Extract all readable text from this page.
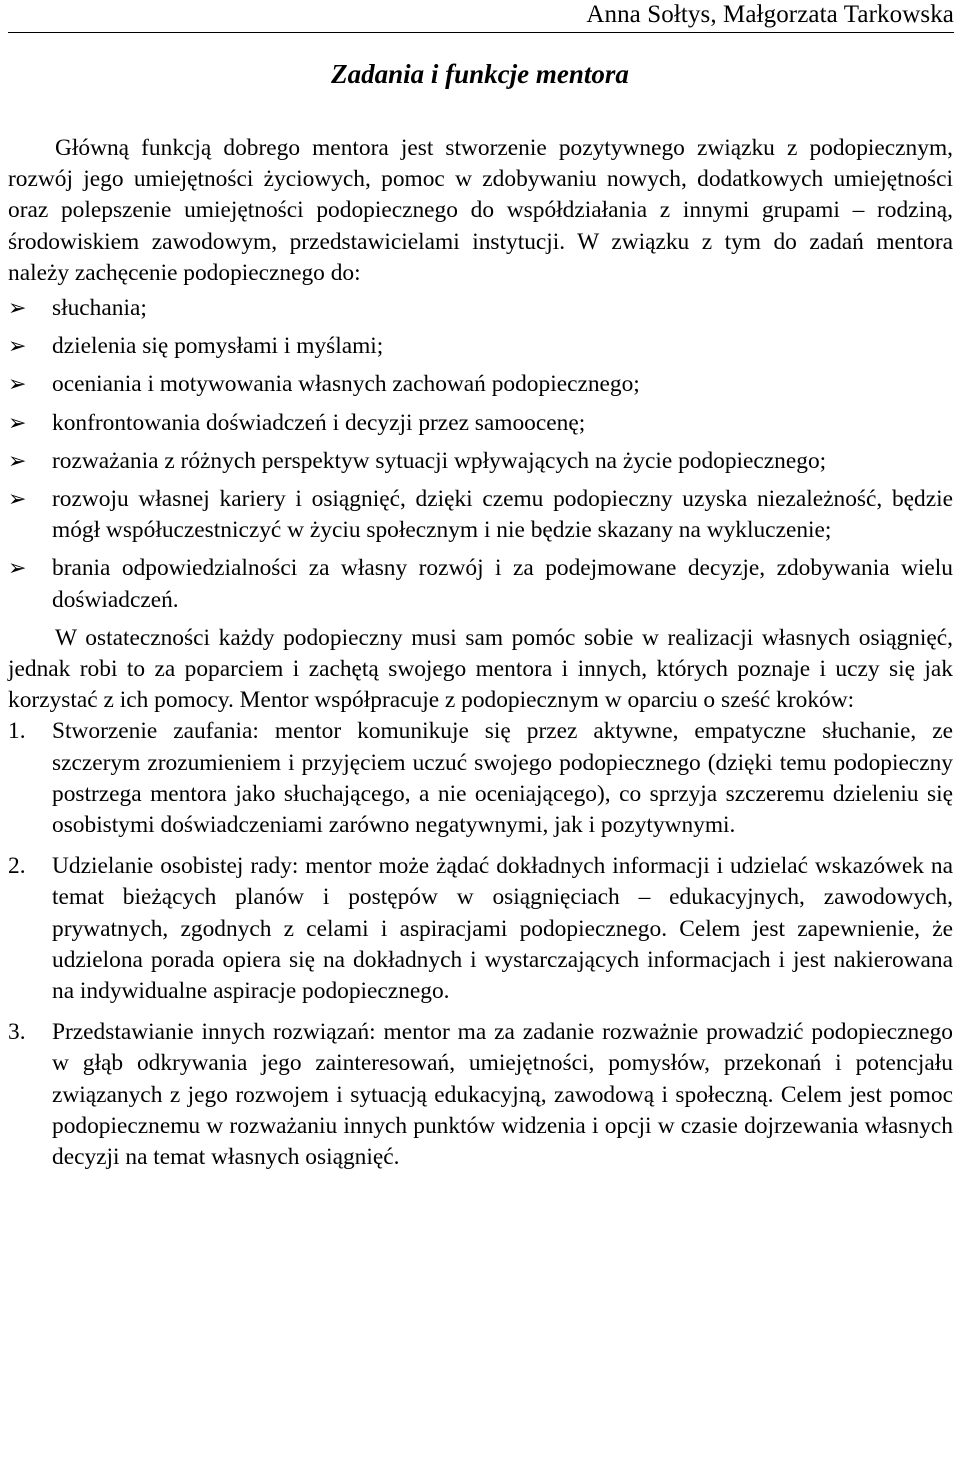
Anna Sołtys, Małgorzata Tarkowska
Zadania i funkcje mentora

Główną funkcją dobrego mentora jest stworzenie pozytywnego związku z podopiecznym, rozwój jego umiejętności życiowych, pomoc w zdobywaniu nowych, dodatkowych umiejętności oraz polepszenie umiejętności podopiecznego do współdziałania z innymi grupami – rodziną, środowiskiem zawodowym, przedstawicielami instytucji. W związku z tym do zadań mentora należy zachęcenie podopiecznego do:

➢ słuchania;
➢ dzielenia się pomysłami i myślami;
➢ oceniania i motywowania własnych zachowań podopiecznego;
➢ konfrontowania doświadczeń i decyzji przez samoocenę;
➢ rozważania z różnych perspektyw sytuacji wpływających na życie podopiecznego;
➢ rozwoju własnej kariery i osiągnięć, dzięki czemu podopieczny uzyska niezależność, będzie mógł współuczestniczyć w życiu społecznym i nie będzie skazany na wykluczenie;
➢ brania odpowiedzialności za własny rozwój i za podejmowane decyzje, zdobywania wielu doświadczeń.

W ostateczności każdy podopieczny musi sam pomóc sobie w realizacji własnych osiągnięć, jednak robi to za poparciem i zachętą swojego mentora i innych, których poznaje i uczy się jak korzystać z ich pomocy. Mentor współpracuje z podopiecznym w oparciu o sześć kroków:

1. Stworzenie zaufania: mentor komunikuje się przez aktywne, empatyczne słuchanie, ze szczerym zrozumieniem i przyjęciem uczuć swojego podopiecznego (dzięki temu podopieczny postrzega mentora jako słuchającego, a nie oceniającego), co sprzyja szczeremu dzieleniu się osobistymi doświadczeniami zarówno negatywnymi, jak i pozytywnymi.
2. Udzielanie osobistej rady: mentor może żądać dokładnych informacji i udzielać wskazówek na temat bieżących planów i postępów w osiągnięciach – edukacyjnych, zawodowych, prywatnych, zgodnych z celami i aspiracjami podopiecznego. Celem jest zapewnienie, że udzielona porada opiera się na dokładnych i wystarczających informacjach i jest nakierowana na indywidualne aspiracje podopiecznego.
3. Przedstawianie innych rozwiązań: mentor ma za zadanie rozważnie prowadzić podopiecznego w głąb odkrywania jego zainteresowań, umiejętności, pomysłów, przekonań i potencjału związanych z jego rozwojem i sytuacją edukacyjną, zawodową i społeczną. Celem jest pomoc podopiecznemu w rozważaniu innych punktów widzenia i opcji w czasie dojrzewania własnych decyzji na temat własnych osiągnięć.
